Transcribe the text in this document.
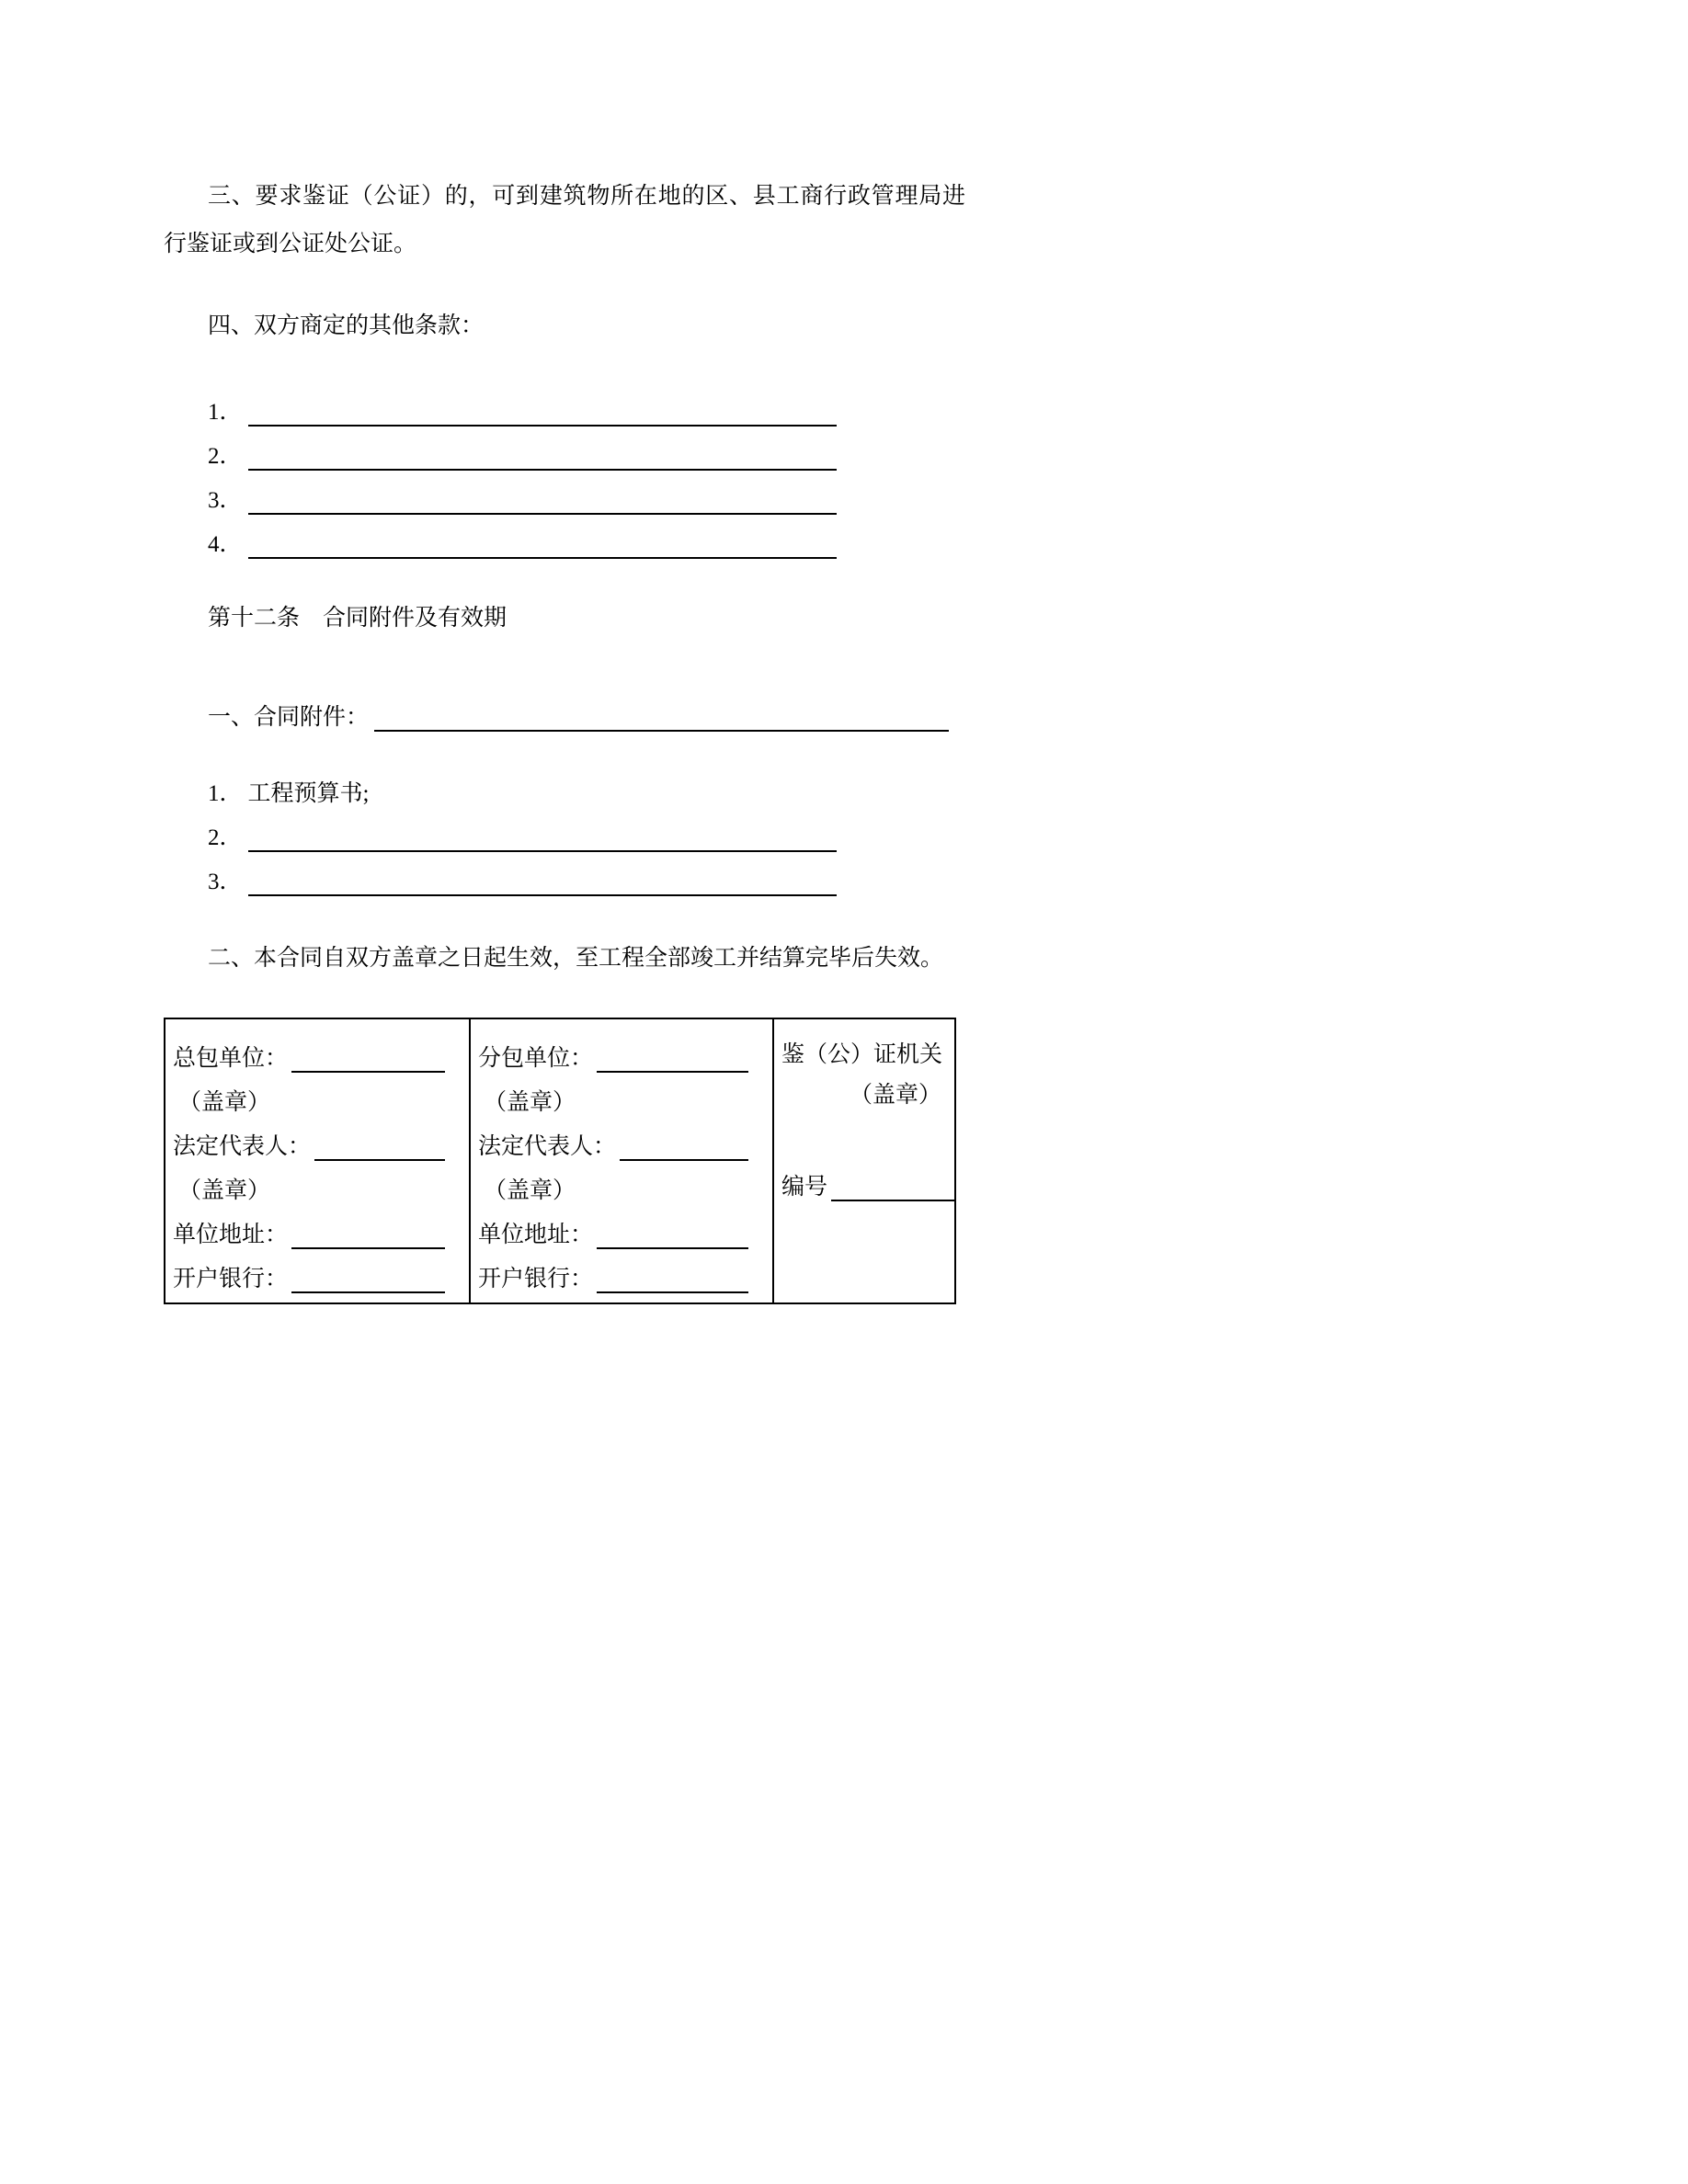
三、要求鉴证（公证）的，可到建筑物所在地的区、县工商行政管理局进行鉴证或到公证处公证。

四、双方商定的其他条款：

1．
2．
3．
4．

第十二条　合同附件及有效期

一、合同附件：
1． 工程预算书;
2．
3．

二、本合同自双方盖章之日起生效，至工程全部竣工并结算完毕后失效。

总包单位：
（盖章）
法定代表人：
（盖章）
单位地址：
开户银行：
分包单位：
（盖章）
法定代表人：
（盖章）
单位地址：
开户银行：
鉴（公）证机关
（盖章）
编号
